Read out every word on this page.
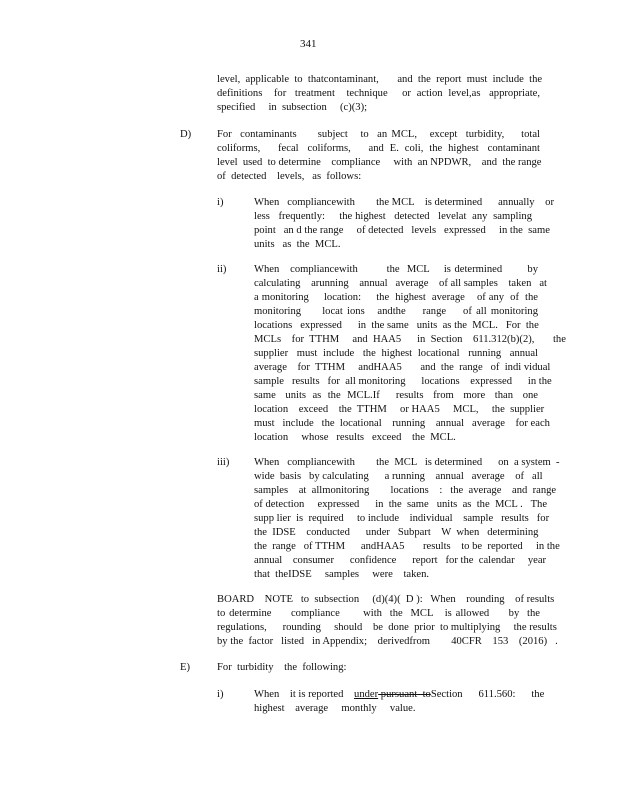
341
level,  applicable  to  thatcontaminant,       and  the  report  must  include  the
definitions    for   treatment    technique     or  action  level,as   appropriate,
specified     in  subsection     (c)(3);
D) For  contaminants     subject   to  an MCL,   except  turbidity,    total
coliforms,      fecal   coliforms,      and  E.  coli,  the  highest   contaminant
level  used  to determine    compliance     with  an NPDWR,    and  the range
of  detected    levels,   as  follows:
i)	When   compliancewith        the MCL    is determined      annually    or
less   frequently:     the highest   detected   levelat  any  sampling
point   an d the range     of detected   levels   expressed     in the  same
units   as  the  MCL.
ii)	When   compliancewith        the  MCL    is determined       by
calculating    arunning    annual   average    of all samples    taken   at
a monitoring     location:     the  highest  average    of any  of  the
monitoring     locat ions   andthe    range    of all monitoring
locations   expressed      in  the same   units  as the  MCL.   For  the
MCLs    for  TTHM     and  HAA5      in  Section    611.312(b)(2),       the
supplier   must  include   the  highest  locational   running   annual
average    for  TTHM     andHAA5       and  the  range   of  indi vidual
sample   results   for  all monitoring      locations    expressed      in the
same   units  as  the  MCL.If     results   from   more   than   one
location    exceed    the  TTHM     or HAA5     MCL,     the  supplier
must   include   the  locational    running    annual   average    for each
location     whose   results   exceed    the  MCL.
iii) When   compliancewith        the  MCL   is determined      on  a system  -
wide  basis   by calculating      a running    annual   average    of   all
samples    at  allmonitoring        locations    :   the  average    and  range
of detection     expressed      in  the  same   units  as  the  MCL .   The
supp lier  is  required     to include    individual    sample   results   for
the  IDSE    conducted      under   Subpart    W  when   determining
the  range   of TTHM      andHAA5       results    to be  reported     in the
annual    consumer      confidence      report   for the  calendar     year
that  theIDSE     samples     were    taken.
BOARD    NOTE   to  subsection     (d)(4)(  D ):   When    rounding    of results
to determine     compliance      with  the  MCL   is allowed     by  the
regulations,      rounding     should    be  done  prior  to multiplying     the results
by the  factor   listed   in Appendix;    derivedfrom        40CFR    153    (2016)   .
E)	For  turbidity    the  following:
i)	When    it is reported    under pursuant  toSection      611.560:      the
highest    average     monthly     value.
